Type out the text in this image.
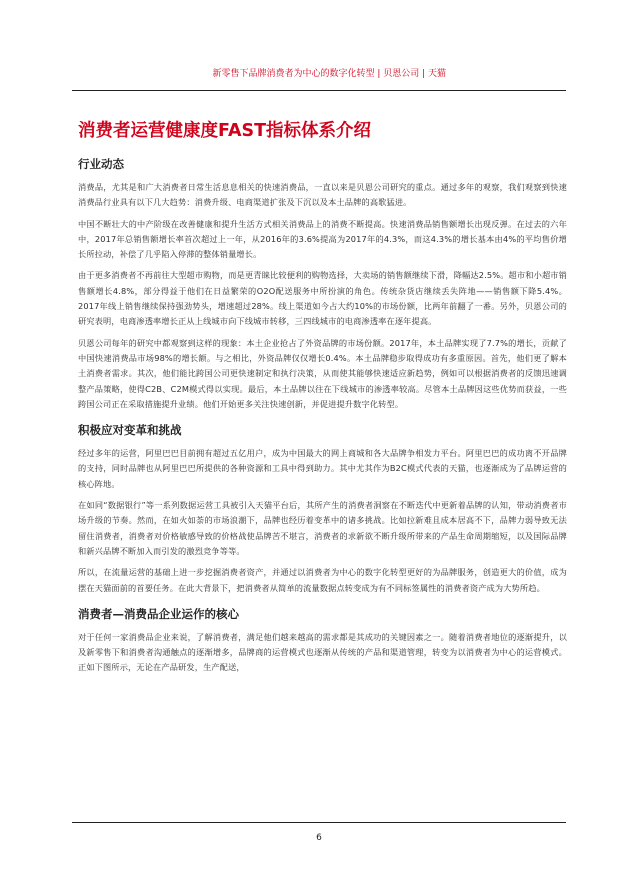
新零售下品牌消费者为中心的数字化转型 | 贝恩公司 | 天猫
消费者运营健康度FAST指标体系介绍
行业动态

消费品，尤其是和广大消费者日常生活息息相关的快速消费品，一直以来是贝恩公司研究的重点。通过多年的观察，我们观察到快速消费品行业具有以下几大趋势：消费升级、电商渠道扩张及下沉以及本土品牌的高歌猛进。

中国不断壮大的中产阶级在改善健康和提升生活方式相关消费品上的消费不断提高。快速消费品销售额增长出现反弹。在过去的六年中，2017年总销售额增长率首次超过上一年，从2016年的3.6%提高为2017年的4.3%，而这4.3%的增长基本由4%的平均售价增长所拉动，补偿了几乎陷入停滞的整体销量增长。

由于更多消费者不再前往大型超市购物，而是更青睐比较便利的购物选择，大卖场的销售额继续下滑，降幅达2.5%。超市和小超市销售额增长4.8%，部分得益于他们在日益繁荣的O2O配送服务中所扮演的角色。传统杂货店继续丢失阵地——销售额下降5.4%。2017年线上销售继续保持强劲势头，增速超过28%。线上渠道如今占大约10%的市场份额，比两年前翻了一番。另外，贝恩公司的研究表明，电商渗透率增长正从上线城市向下线城市转移，三四线城市的电商渗透率在逐年提高。

贝恩公司每年的研究中都观察到这样的现象：本土企业抢占了外资品牌的市场份额。2017年，本土品牌实现了7.7%的增长，贡献了中国快速消费品市场98%的增长额。与之相比，外资品牌仅仅增长0.4%。本土品牌稳步取得成功有多重原因。首先，他们更了解本土消费者需求。其次，他们能比跨国公司更快速制定和执行决策，从而使其能够快速适应新趋势，例如可以根据消费者的反馈迅速调整产品策略，使得C2B、C2M模式得以实现。最后，本土品牌以往在下线城市的渗透率较高。尽管本土品牌因这些优势而获益，一些跨国公司正在采取措施提升业绩。他们开始更多关注快速创新，并促进提升数字化转型。

积极应对变革和挑战

经过多年的运营，阿里巴巴目前拥有超过五亿用户，成为中国最大的网上商城和各大品牌争相发力平台。阿里巴巴的成功离不开品牌的支持，同时品牌也从阿里巴巴所提供的各种资源和工具中得到助力。其中尤其作为B2C模式代表的天猫，也逐渐成为了品牌运营的核心阵地。

在如同“数据银行”等一系列数据运营工具被引入天猫平台后，其所产生的消费者洞察在不断迭代中更新着品牌的认知，带动消费者市场升级的节奏。然而，在如火如荼的市场浪潮下，品牌也经历着变革中的诸多挑战。比如拉新难且成本居高不下，品牌力弱导致无法留住消费者，消费者对价格敏感导致的价格战使品牌苦不堪言，消费者的求新欲不断升级所带来的产品生命周期缩短，以及国际品牌和新兴品牌不断加入而引发的激烈竞争等等。

所以，在流量运营的基础上进一步挖掘消费者资产，并通过以消费者为中心的数字化转型更好的为品牌服务，创造更大的价值，成为摆在天猫面前的首要任务。在此大背景下，把消费者从简单的流量数据点转变成为有不同标签属性的消费者资产成为大势所趋。

消费者—消费品企业运作的核心

对于任何一家消费品企业来说，了解消费者，满足他们越来越高的需求都是其成功的关键因素之一。随着消费者地位的逐渐提升，以及新零售下和消费者沟通触点的逐渐增多，品牌商的运营模式也逐渐从传统的产品和渠道管理，转变为以消费者为中心的运营模式。正如下图所示，无论在产品研发，生产配送，

6
